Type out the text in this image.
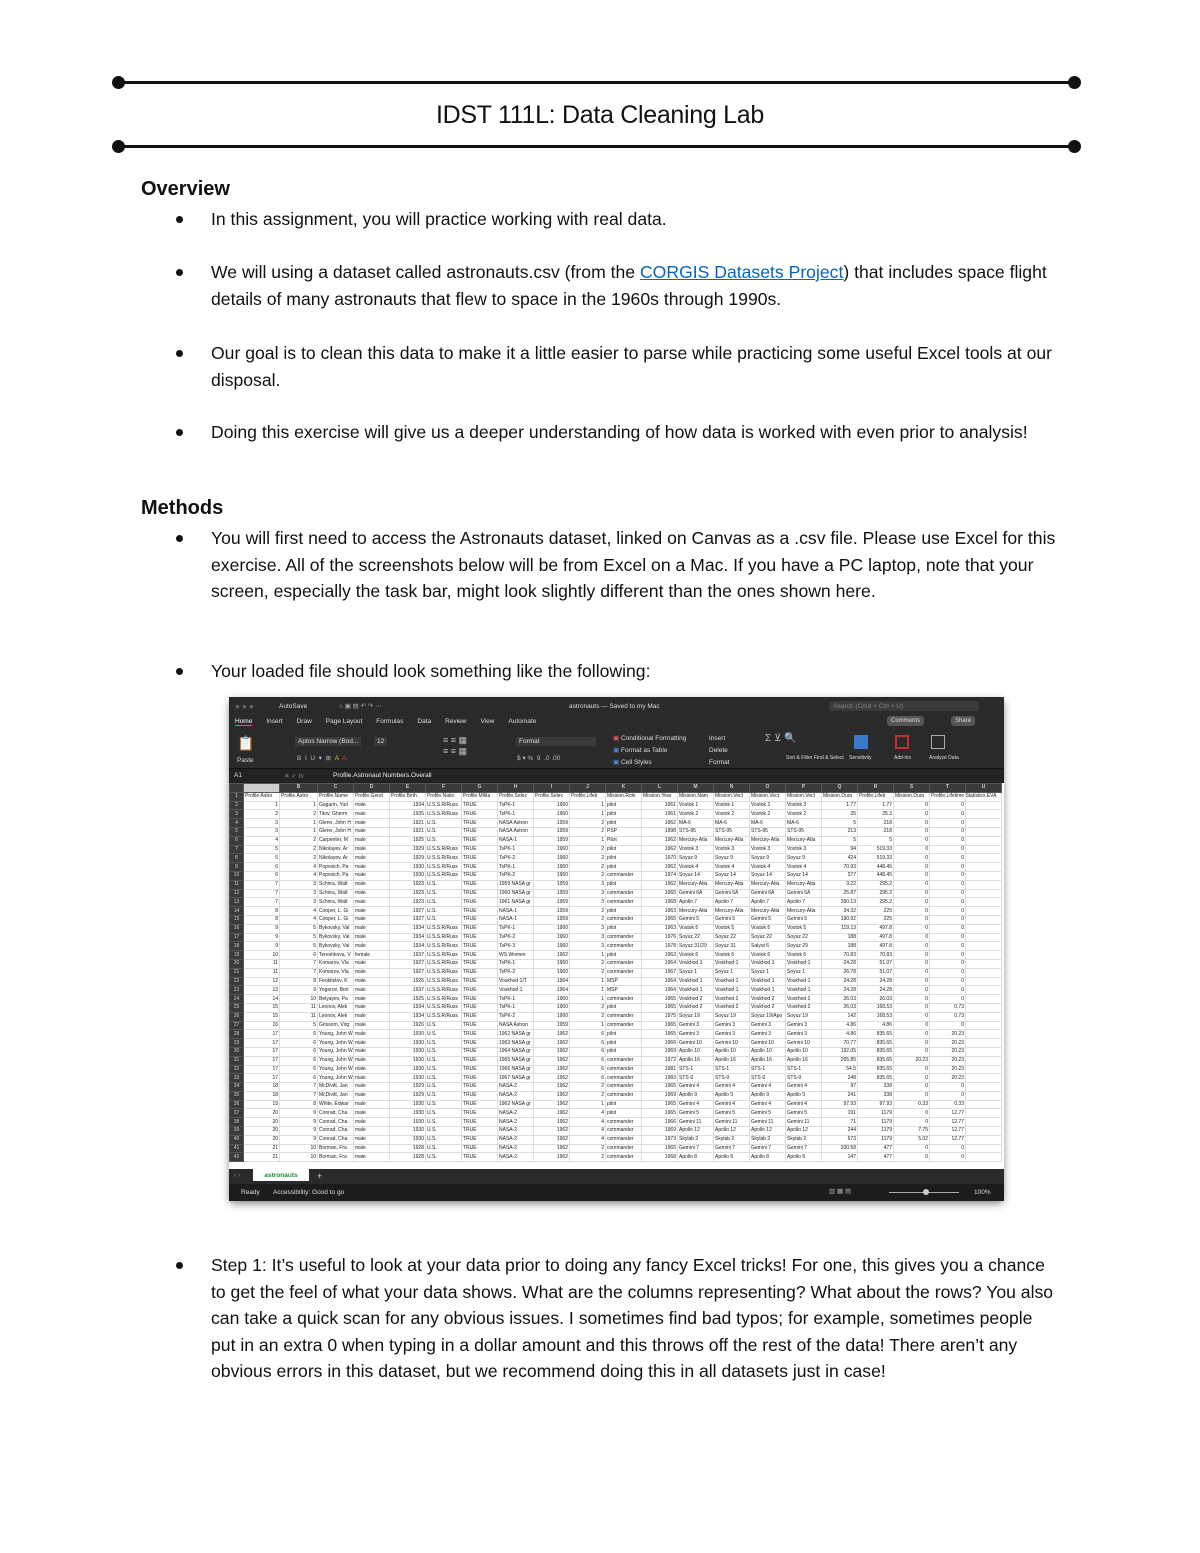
IDST 111L: Data Cleaning Lab
Overview
In this assignment, you will practice working with real data.
We will using a dataset called astronauts.csv (from the CORGIS Datasets Project) that includes space flight details of many astronauts that flew to space in the 1960s through 1990s.
Our goal is to clean this data to make it a little easier to parse while practicing some useful Excel tools at our disposal.
Doing this exercise will give us a deeper understanding of how data is worked with even prior to analysis!
Methods
You will first need to access the Astronauts dataset, linked on Canvas as a .csv file. Please use Excel for this exercise. All of the screenshots below will be from Excel on a Mac. If you have a PC laptop, note that your screen, especially the task bar, might look slightly different than the ones shown here.
Your loaded file should look something like the following:
● ● ●	AutoSave	⌂ ▣ ▤ ↶ ↷ ⋯	astronauts — Saved to my Mac	Search (Cmd + Ctrl + U)
Home Insert Draw Page Layout Formulas Data Review View Automate	Comments	Share
📋
Paste
Aptos Narrow (Bod...	12
B  I  U  ▾  ⊞  A A
≡ ≡ ▦
≡ ≡ ▦
Format
$ ▾ %  9  .0 .00
▣ Conditional Formatting
▣ Format as Table
▣ Cell Styles
Insert
Delete
Format
Σ ⊻ 🔍
Sort & Filter Find & Select Sensitivity	Add-ins	Analyze Data
A1	✕ ✓ fx	Profile.Astronaut Numbers.Overall
	A	B	C	D	E	F	G	H	I	J	K	L	M	N	O	P	Q	R	S	T	U
1	Profile.Astro	Profile.Astro	Profile.Name	Profile.Gend	Profile.Birth	Profile.Natio	Profile.Milita	Profile.Selec	Profile.Selec	Profile.Lifeti	Mission.Role	Mission.Year	Mission.Nam	Mission.Vect	Mission.Vect	Mission.Vect	Mission.Dura	Profile.Lifeti	Mission.Dura	Profile.Lifetime Statistics.EVA	
2	1	1	Gagarin, Yuri	male	1934	U.S.S.R/Russ	TRUE	TsPK-1	1960	1	pilot	1961	Vostok 1	Vostok 1	Vostok 2	Vostok 3	1.77	1.77	0	0	
3	2	2	Titov, Gherm	male	1935	U.S.S.R/Russ	TRUE	TsPK-1	1960	1	pilot	1961	Vostok 2	Vostok 2	Vostok 2	Vostok 2	25	25.3	0	0	
4	3	1	Glenn, John H	male	1921	U.S.	TRUE	NASA Astron	1959	2	pilot	1962	MA-6	MA-6	MA-6	MA-6	5	218	0	0	
5	3	1	Glenn, John H	male	1921	U.S.	TRUE	NASA Astron	1959	2	PSP	1998	STS-95	STS-95	STS-95	STS-95	213	218	0	0	
6	4	2	Carpenter, M	male	1925	U.S.	TRUE	NASA-1	1959	1	Pilot	1962	Mercury-Atla	Mercury-Atla	Mercury-Atla	Mercury-Atla	5	5	0	0	
7	5	2	Nikolayev, Ar	male	1929	U.S.S.R/Russ	TRUE	TsPK-1	1960	2	pilot	1962	Vostok 3	Vostok 3	Vostok 3	Vostok 3	94	519.33	0	0	
8	5	2	Nikolayev, Ar	male	1929	U.S.S.R/Russ	TRUE	TsPK-2	1960	2	pilot	1970	Soyuz 9	Soyuz 9	Soyuz 9	Soyuz 9	424	519.33	0	0	
9	6	4	Popovich, Pa	male	1930	U.S.S.R/Russ	TRUE	TsPK-1	1960	2	pilot	1962	Vostok 4	Vostok 4	Vostok 4	Vostok 4	70.93	448.45	0	0	
10	6	4	Popovich, Pa	male	1930	U.S.S.R/Russ	TRUE	TsPK-2	1960	2	commander	1974	Soyuz 14	Soyuz 14	Soyuz 14	Soyuz 14	377	448.45	0	0	
11	7	3	Schirra, Walt	male	1923	U.S.	TRUE	1959 NASA gr	1959	3	pilot	1962	Mercury-Atla	Mercury-Atla	Mercury-Atla	Mercury-Atla	9.22	295.2	0	0	
12	7	3	Schirra, Walt	male	1923	U.S.	TRUE	1960 NASA gr	1959	3	commander	1965	Gemini 6A	Gemini 6A	Gemini 6A	Gemini 6A	25.87	295.2	0	0	
13	7	3	Schirra, Walt	male	1923	U.S.	TRUE	1961 NASA gr	1959	3	commander	1968	Apollo 7	Apollo 7	Apollo 7	Apollo 7	260.13	295.2	0	0	
14	8	4	Cooper, L. Gi	male	1927	U.S.	TRUE	NASA-1	1959	2	pilot	1963	Mercury-Atla	Mercury-Atla	Mercury-Atla	Mercury-Atla	34.32	225	0	0	
15	8	4	Cooper, L. Gi	male	1927	U.S.	TRUE	NASA-1	1959	2	commander	1965	Gemini 5	Gemini 5	Gemini 5	Gemini 5	190.92	225	0	0	
16	9	5	Bykovsky, Val	male	1934	U.S.S.R/Russ	TRUE	TsPK-1	1960	3	pilot	1963	Vostok 5	Vostok 5	Vostok 5	Vostok 5	119.13	497.8	0	0	
17	9	5	Bykovsky, Val	male	1934	U.S.S.R/Russ	TRUE	TsPK-2	1960	3	commander	1976	Soyuz 22	Soyuz 22	Soyuz 22	Soyuz 22	188	497.8	0	0	
18	9	5	Bykovsky, Val	male	1934	U.S.S.R/Russ	TRUE	TsPK-3	1960	3	commander	1978	Soyuz 31/29	Soyuz 31	Salyut 6	Soyuz 29	188	497.8	0	0	
19	10	6	Tereshkova, V	female	1937	U.S.S.R/Russ	TRUE	WS Women	1962	1	pilot	1963	Vostok 6	Vostok 6	Vostok 6	Vostok 6	70.83	70.83	0	0	
20	11	7	Komarov, Vla	male	1927	U.S.S.R/Russ	TRUE	TsPK-1	1960	2	commander	1964	Voskhod 1	Voskhod 1	Voskhod 1	Voskhod 1	24.28	51.07	0	0	
21	11	7	Komarov, Vla	male	1927	U.S.S.R/Russ	TRUE	TsPK-2	1960	2	commander	1967	Soyuz 1	Soyuz 1	Soyuz 1	Soyuz 1	26.78	51.07	0	0	
22	12	8	Feoktistov, K	male	1926	U.S.S.R/Russ	TRUE	Voskhod 1/T	1964	1	MSP	1964	Voskhod 1	Voskhod 1	Voskhod 1	Voskhod 1	24.28	24.28	0	0	
23	13	9	Yegorov, Bori	male	1937	U.S.S.R/Russ	TRUE	Voskhod 1	1964	1	MSP	1964	Voskhod 1	Voskhod 1	Voskhod 1	Voskhod 1	24.28	24.28	0	0	
24	14	10	Belyayev, Pa	male	1925	U.S.S.R/Russ	TRUE	TsPK-1	1960	1	commander	1965	Voskhod 2	Voskhod 2	Voskhod 2	Voskhod 2	26.03	26.03	0	0	
25	15	11	Leonov, Alek	male	1934	U.S.S.R/Russ	TRUE	TsPK-1	1960	2	pilot	1965	Voskhod 2	Voskhod 2	Voskhod 2	Voskhod 2	26.03	168.53	0	0.73	
26	15	11	Leonov, Alek	male	1934	U.S.S.R/Russ	TRUE	TsPK-2	1960	2	commander	1975	Soyuz 19	Soyuz 19	Soyuz 19/Apo	Soyuz 19	142	168.53	0	0.73	
27	16	5	Grissom, Virg	male	1926	U.S.	TRUE	NASA Astron	1959	1	commander	1965	Gemini 3	Gemini 3	Gemini 3	Gemini 3	4.86	4.86	0	0	
28	17	6	Young, John W	male	1930	U.S.	TRUE	1962 NASA gr	1962	6	pilot	1965	Gemini 3	Gemini 3	Gemini 3	Gemini 3	4.86	835.65	0	20.23	
29	17	6	Young, John W	male	1930	U.S.	TRUE	1963 NASA gr	1962	6	pilot	1966	Gemini 10	Gemini 10	Gemini 10	Gemini 10	70.77	835.65	0	20.23	
30	17	6	Young, John W	male	1930	U.S.	TRUE	1964 NASA gr	1962	6	pilot	1969	Apollo 10	Apollo 10	Apollo 10	Apollo 10	192.05	835.65	0	20.23	
31	17	6	Young, John W	male	1930	U.S.	TRUE	1965 NASA gr	1962	6	commander	1972	Apollo 16	Apollo 16	Apollo 16	Apollo 16	265.85	835.65	20.23	20.23	
32	17	6	Young, John W	male	1930	U.S.	TRUE	1966 NASA gr	1962	6	commander	1981	STS-1	STS-1	STS-1	STS-1	54.5	835.65	0	20.23	
33	17	6	Young, John W	male	1930	U.S.	TRUE	1967 NASA gr	1962	6	commander	1983	STS-9	STS-9	STS-9	STS-9	248	835.65	0	20.23	
34	18	7	McDivitt, Jan	male	1929	U.S.	TRUE	NASA-2	1962	2	commander	1965	Gemini 4	Gemini 4	Gemini 4	Gemini 4	97	338	0	0	
35	18	7	McDivitt, Jan	male	1929	U.S.	TRUE	NASA-2	1962	2	commander	1969	Apollo 9	Apollo 9	Apollo 9	Apollo 9	241	338	0	0	
36	19	8	White, Edwar	male	1930	U.S.	TRUE	1962 NASA gr	1962	1	pilot	1965	Gemini 4	Gemini 4	Gemini 4	Gemini 4	97.93	97.93	0.33	0.33	
37	20	9	Conrad, Cha	male	1930	U.S.	TRUE	NASA-2	1962	4	pilot	1965	Gemini 5	Gemini 5	Gemini 5	Gemini 5	191	1179	0	12.77	
38	20	9	Conrad, Cha	male	1930	U.S.	TRUE	NASA-2	1962	4	commander	1966	Gemini 11	Gemini 11	Gemini 11	Gemini 11	71	1179	0	12.77	
39	20	9	Conrad, Cha	male	1930	U.S.	TRUE	NASA-2	1962	4	commander	1969	Apollo 12	Apollo 12	Apollo 12	Apollo 12	244	1179	7.75	12.77	
40	20	9	Conrad, Cha	male	1930	U.S.	TRUE	NASA-2	1962	4	commander	1973	Skylab 2	Skylab 2	Skylab 2	Skylab 2	673	1179	5.02	12.77	
41	21	10	Borman, Fra	male	1928	U.S.	TRUE	NASA-2	1962	2	commander	1965	Gemini 7	Gemini 7	Gemini 7	Gemini 7	330.58	477	0	0	
42	21	10	Borman, Fra	male	1928	U.S.	TRUE	NASA-2	1962	2	commander	1968	Apollo 8	Apollo 8	Apollo 8	Apollo 8	147	477	0	0	
‹ ›	astronauts	+
Ready Accessibility: Good to go	▥ ▦ ▤	100%
Step 1: It’s useful to look at your data prior to doing any fancy Excel tricks! For one, this gives you a chance to get the feel of what your data shows. What are the columns representing? What about the rows? You also can take a quick scan for any obvious issues. I sometimes find bad typos; for example, sometimes people put in an extra 0 when typing in a dollar amount and this throws off the rest of the data! There aren’t any obvious errors in this dataset, but we recommend doing this in all datasets just in case!
